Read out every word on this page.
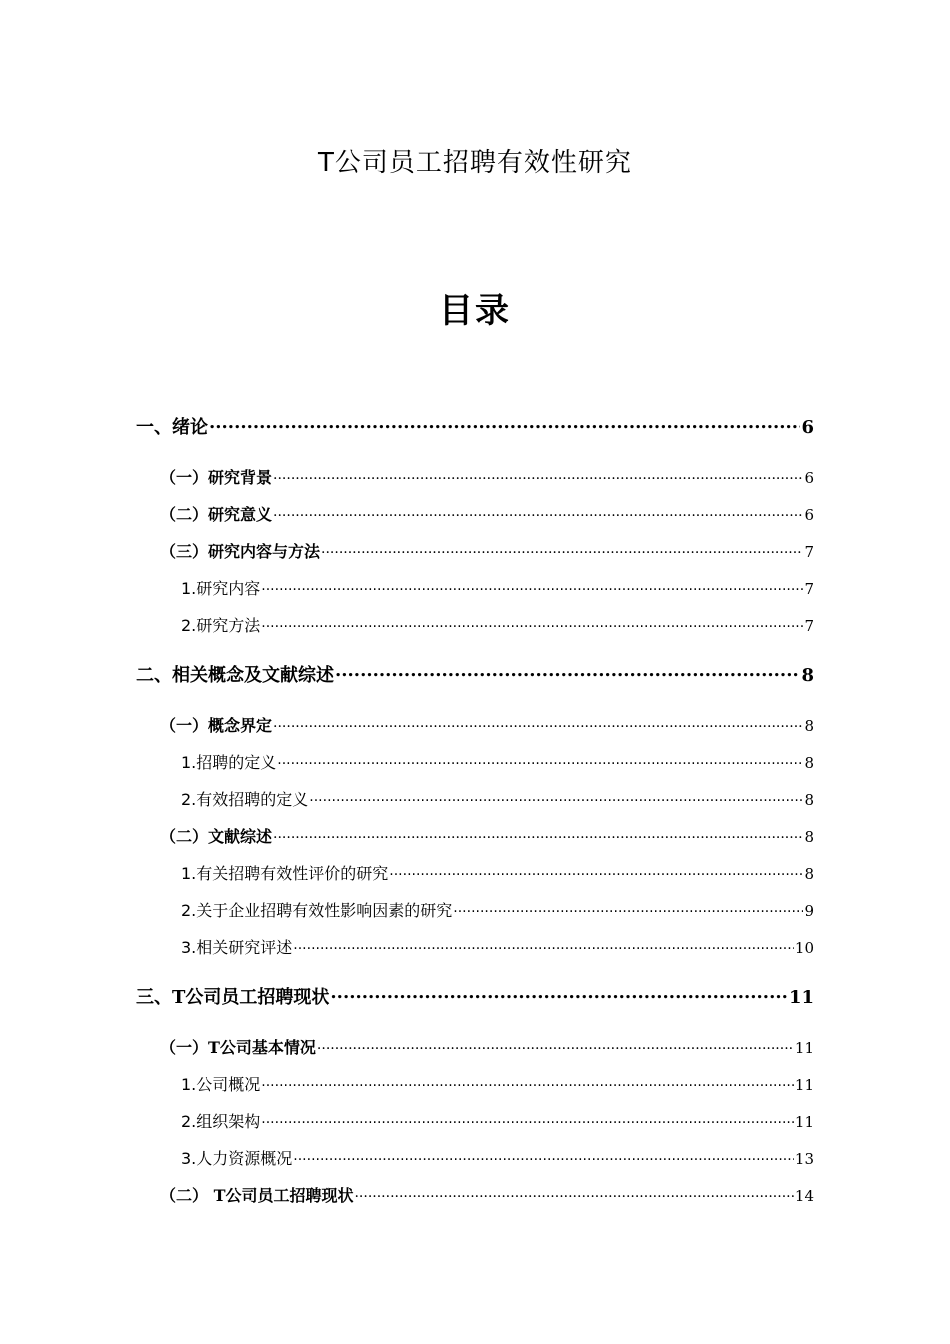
T公司员工招聘有效性研究
目录
一、绪论 .....	6
（一）研究背景 .....	6
（二）研究意义 .....	6
（三）研究内容与方法 .....	7
1.研究内容 .....	7
2.研究方法 .....	7
二、相关概念及文献综述 .....	8
（一）概念界定 .....	8
1.招聘的定义 .....	8
2.有效招聘的定义 .....	8
（二）文献综述 .....	8
1.有关招聘有效性评价的研究 .....	8
2.关于企业招聘有效性影响因素的研究 .....	9
3.相关研究评述 .....	10
三、T公司员工招聘现状 .....	11
（一）T公司基本情况 .....	11
1.公司概况 .....	11
2.组织架构 .....	11
3.人力资源概况 .....	13
（二） T公司员工招聘现状 .....	14
